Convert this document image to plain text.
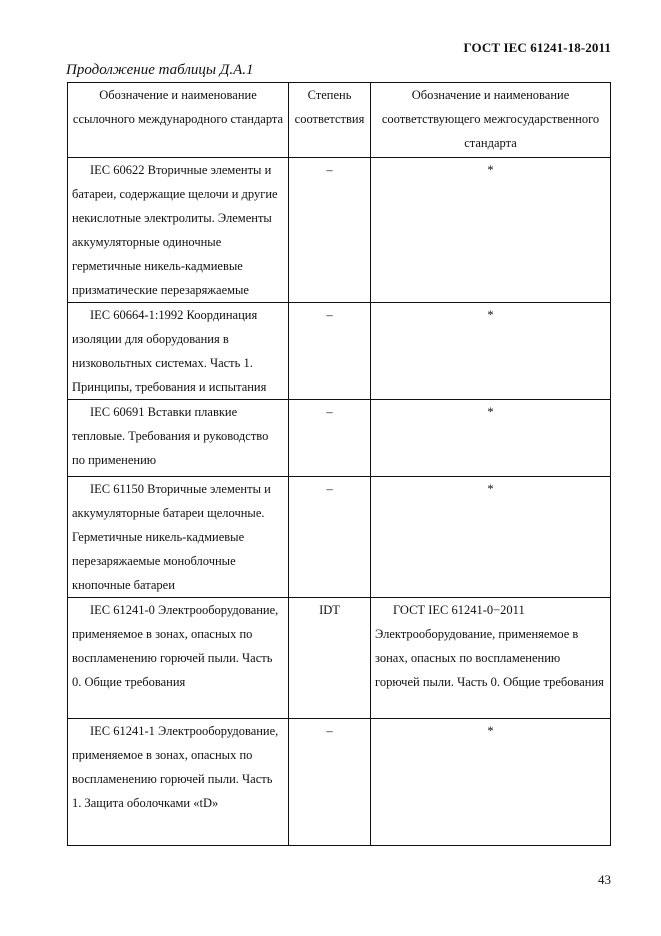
ГОСТ IEC 61241-18-2011
Продолжение таблицы Д.А.1
Обозначение и наименование ссылочного международного стандарта	Степень соответствия	Обозначение и наименование соответствующего межгосударственного стандарта
IEC 60622 Вторичные элементы и батареи, содержащие щелочи и другие некислотные электролиты. Элементы аккумуляторные одиночные герметичные никель-кадмиевые призматические перезаряжаемые	–	*
IEC 60664-1:1992 Координация изоляции для оборудования в низковольтных системах. Часть 1. Принципы, требования и испытания	–	*
IEC 60691 Вставки плавкие тепловые. Требования и руководство по применению	–	*
IEC 61150 Вторичные элементы и аккумуляторные батареи щелочные. Герметичные никель-кадмиевые перезаряжаемые моноблочные кнопочные батареи	–	*
IEC 61241-0 Электрооборудование, применяемое в зонах, опасных по воспламенению горючей пыли. Часть 0. Общие требования	IDT	ГОСТ IEC 61241-0−2011 Электрооборудование, применяемое в зонах, опасных по воспламенению горючей пыли. Часть 0. Общие требования
IEC 61241-1 Электрооборудование, применяемое в зонах, опасных по воспламенению горючей пыли. Часть 1. Защита оболочками «tD»	–	*
43
